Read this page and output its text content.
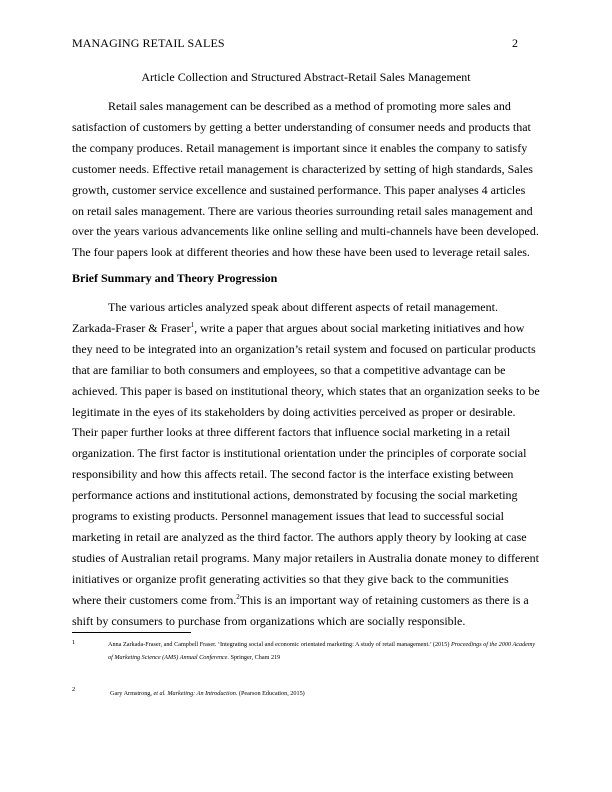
MANAGING RETAIL SALES	2
Article Collection and Structured Abstract-Retail Sales Management

Retail sales management can be described as a method of promoting more sales and satisfaction of customers by getting a better understanding of consumer needs and products that the company produces. Retail management is important since it enables the company to satisfy customer needs. Effective retail management is characterized by setting of high standards, Sales growth, customer service excellence and sustained performance. This paper analyses 4 articles on retail sales management. There are various theories surrounding retail sales management and over the years various advancements like online selling and multi-channels have been developed. The four papers look at different theories and how these have been used to leverage retail sales.

Brief Summary and Theory Progression

The various articles analyzed speak about different aspects of retail management. Zarkada-Fraser & Fraser$^1$, write a paper that argues about social marketing initiatives and how they need to be integrated into an organization’s retail system and focused on particular products that are familiar to both consumers and employees, so that a competitive advantage can be achieved. This paper is based on institutional theory, which states that an organization seeks to be legitimate in the eyes of its stakeholders by doing activities perceived as proper or desirable. Their paper further looks at three different factors that influence social marketing in a retail organization. The first factor is institutional orientation under the principles of corporate social responsibility and how this affects retail. The second factor is the interface existing between performance actions and institutional actions, demonstrated by focusing the social marketing programs to existing products. Personnel management issues that lead to successful social marketing in retail are analyzed as the third factor. The authors apply theory by looking at case studies of Australian retail programs. Many major retailers in Australia donate money to different initiatives or organize profit generating activities so that they give back to the communities where their customers come from.$^2$This is an important way of retaining customers as there is a shift by consumers to purchase from organizations which are socially responsible.

1	Anna Zarkada-Fraser, and Campbell Fraser. ‘Integrating social and economic orientated marketing: A study of retail management.’ (2015) Proceedings of the 2000 Academy of Marketing Science (AMS) Annual Conference. Springer, Cham 219
2
Gary Armstrong, et al. Marketing: An Introduction. (Pearson Education, 2015)
